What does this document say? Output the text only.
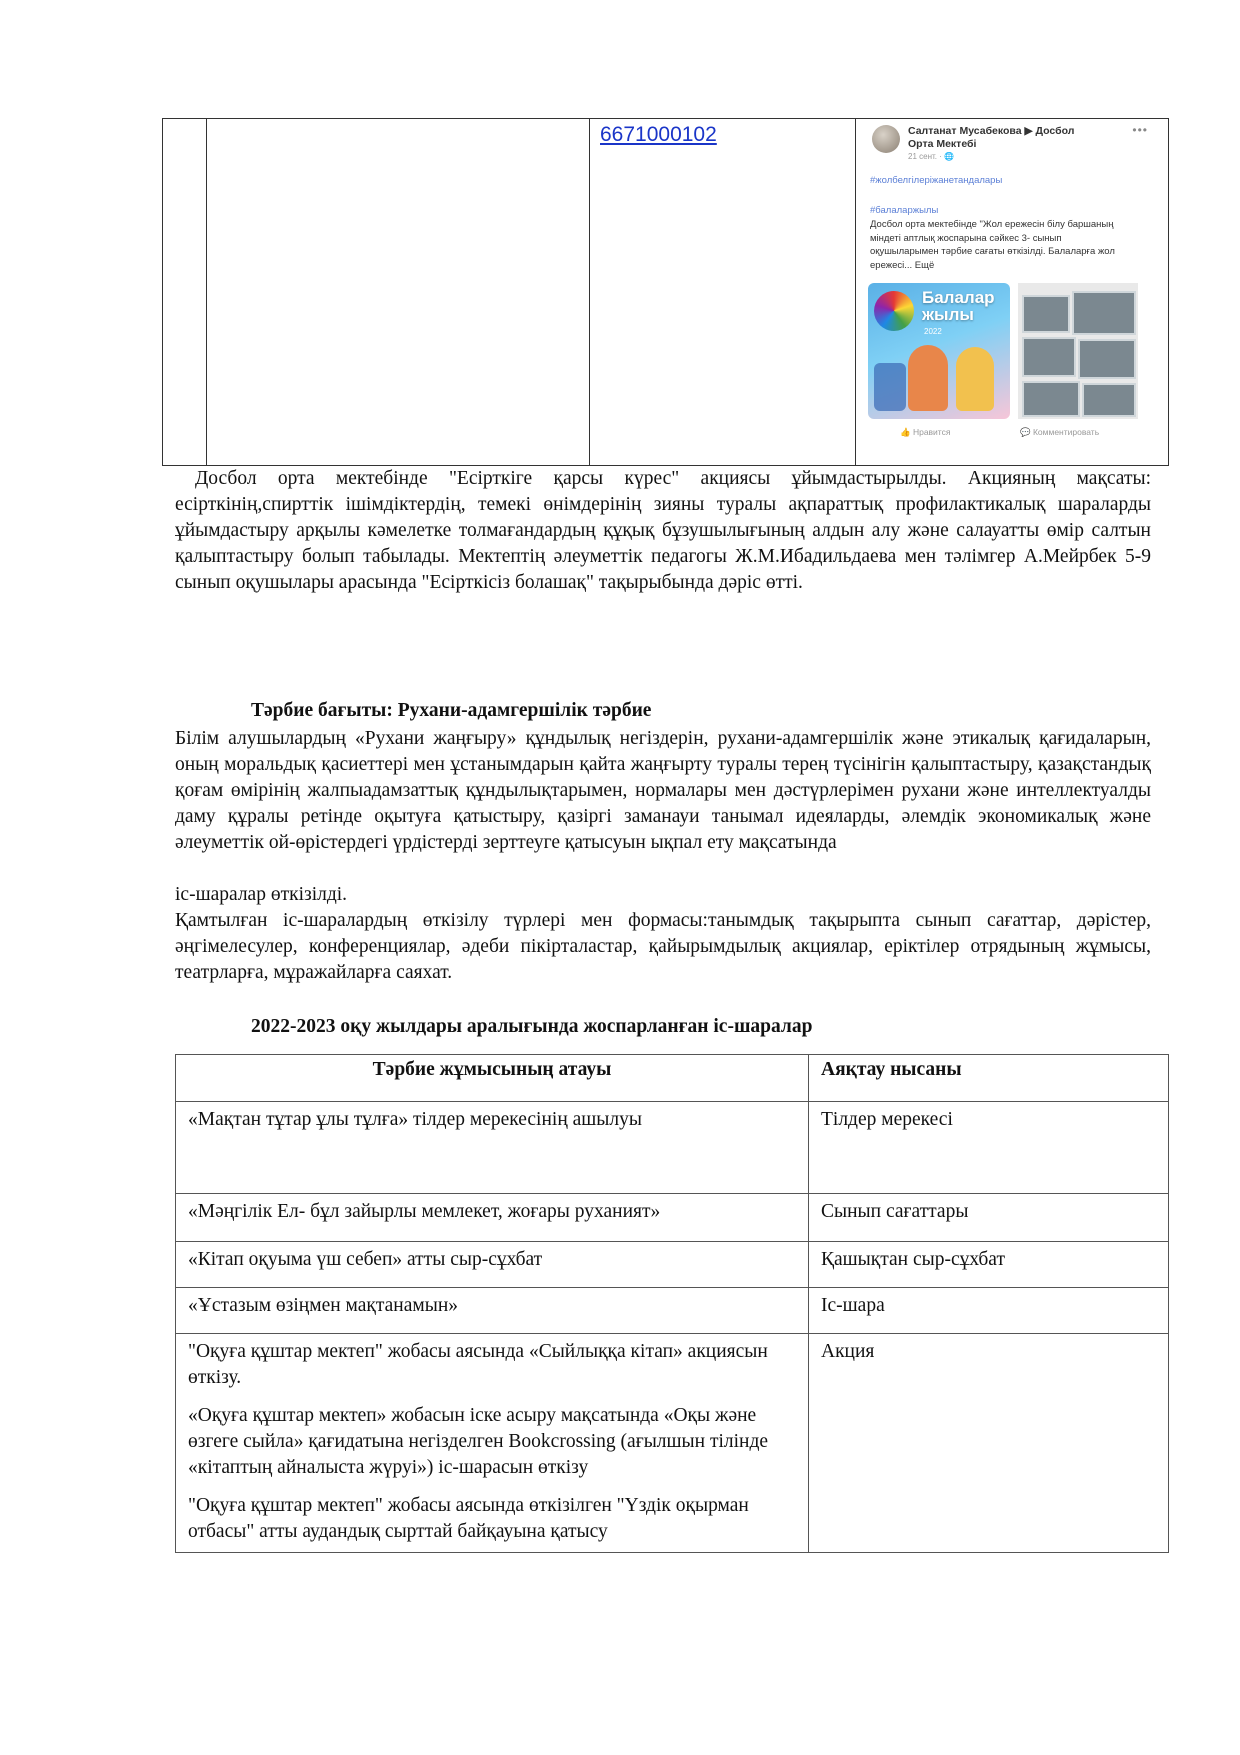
6671000102	Салтанат Мусабекова ▶ Досбол Орта Мектебі
21 сент. · 🌐
•••
#жолбелгілеріжанетандалары
#балаларжылы
Досбол орта мектебінде "Жол ережесін білу баршаның міндеті аптлық жоспарына сәйкес 3- сынып оқушыларымен тәрбие сағаты өткізілді. Балаларға жол ережесі... Ещё
Балалар жылы
2022
👍 Нравится	💬 Комментировать
Досбол орта мектебінде "Есірткіге қарсы күрес" акциясы ұйымдастырылды. Акцияның мақсаты: есірткінің,спирттік ішімдіктердің, темекі өнімдерінің зияны туралы ақпараттық профилактикалық шараларды ұйымдастыру арқылы кәмелетке толмағандардың құқық бұзушылығының алдын алу және салауатты өмір салтын қалыптастыру болып табылады. Мектептің әлеуметтік педагогы Ж.М.Ибадильдаева мен тәлімгер А.Мейрбек 5-9 сынып оқушылары арасында "Есірткісіз болашақ" тақырыбында дәріс өтті.
Тәрбие бағыты: Рухани-адамгершілік тәрбие
Білім алушылардың «Рухани жаңғыру» құндылық негіздерін, рухани-адамгершілік және этикалық қағидаларын, оның моральдық қасиеттері мен ұстанымдарын қайта жаңғырту туралы терең түсінігін қалыптастыру, қазақстандық қоғам өмірінің жалпыадамзаттық құндылықтарымен, нормалары мен дәстүрлерімен рухани және интеллектуалды даму құралы ретінде оқытуға қатыстыру, қазіргі заманауи танымал идеяларды, әлемдік экономикалық және әлеуметтік ой-өрістердегі үрдістерді зерттеуге қатысуын ықпал ету мақсатында
іс-шаралар өткізілді.
Қамтылған іс-шаралардың өткізілу түрлері мен формасы:танымдық тақырыпта сынып сағаттар, дәрістер, әңгімелесулер, конференциялар, әдеби пікірталастар, қайырымдылық акциялар, еріктілер отрядының жұмысы, театрларға, мұражайларға саяхат.
2022-2023 оқу жылдары аралығында жоспарланған іс-шаралар
Тәрбие жұмысының атауы	Аяқтау нысаны
«Мақтан тұтар ұлы тұлға» тілдер мерекесінің ашылуы	Тілдер мерекесі
«Мәңгілік Ел- бұл зайырлы мемлекет, жоғары руханият»	Сынып сағаттары
«Кітап оқуыма үш себеп» атты сыр-сұхбат	Қашықтан сыр-сұхбат
«Ұстазым өзіңмен мақтанамын»	Іс-шара

"Оқуға құштар мектеп" жобасы аясында «Сыйлыққа кітап» акциясын өткізу.

«Оқуға құштар мектеп» жобасын іске асыру мақсатында «Оқы және өзгеге сыйла» қағидатына негізделген Bookcrossing (ағылшын тілінде «кітаптың айналыста жүруі») іс-шарасын өткізу

"Оқуға құштар мектеп" жобасы аясында өткізілген "Үздік оқырман отбасы" атты аудандық сырттай байқауына қатысу	Акция
